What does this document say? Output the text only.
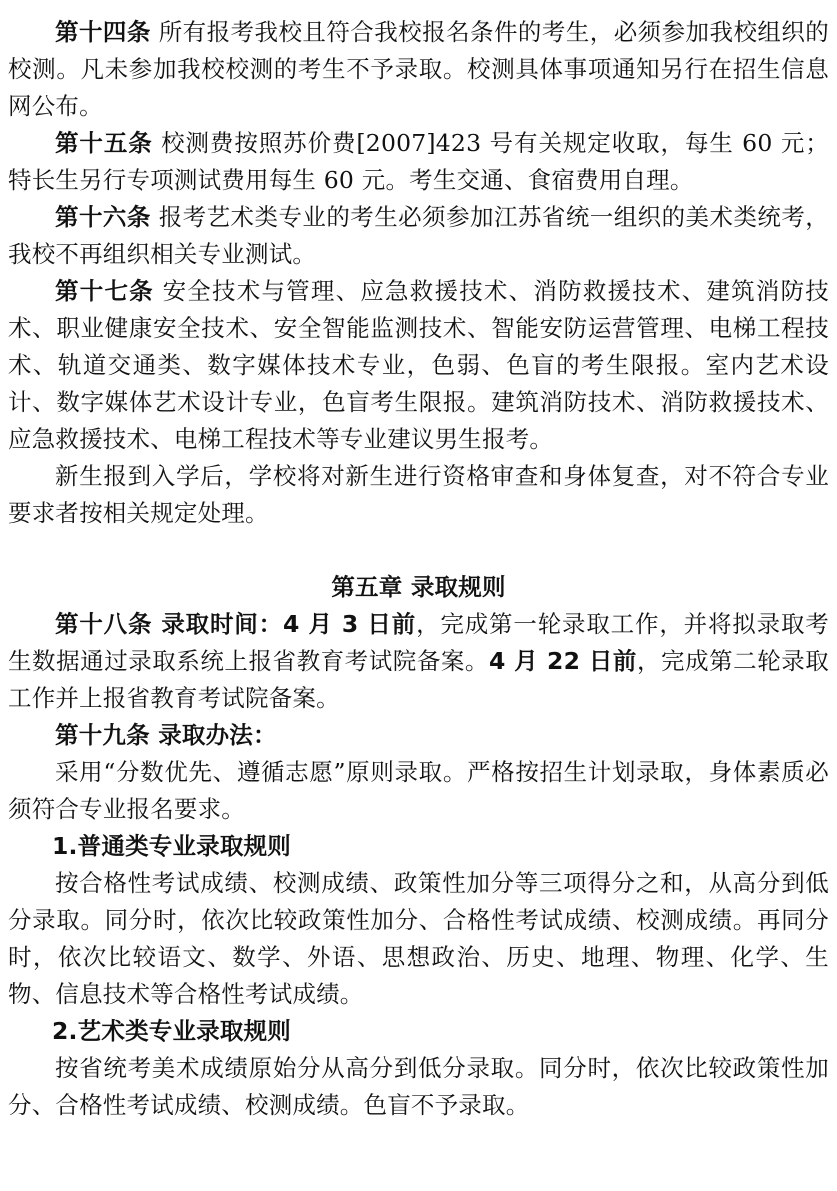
第十四条 所有报考我校且符合我校报名条件的考生，必须参加我校组织的校测。凡未参加我校校测的考生不予录取。校测具体事项通知另行在招生信息网公布。

第十五条 校测费按照苏价费[2007]423 号有关规定收取，每生 60 元；特长生另行专项测试费用每生 60 元。考生交通、食宿费用自理。

第十六条 报考艺术类专业的考生必须参加江苏省统一组织的美术类统考，我校不再组织相关专业测试。

第十七条 安全技术与管理、应急救援技术、消防救援技术、建筑消防技术、职业健康安全技术、安全智能监测技术、智能安防运营管理、电梯工程技术、轨道交通类、数字媒体技术专业，色弱、色盲的考生限报。室内艺术设计、数字媒体艺术设计专业，色盲考生限报。建筑消防技术、消防救援技术、应急救援技术、电梯工程技术等专业建议男生报考。

新生报到入学后，学校将对新生进行资格审查和身体复查，对不符合专业要求者按相关规定处理。

第五章 录取规则

第十八条 录取时间：4 月 3 日前，完成第一轮录取工作，并将拟录取考生数据通过录取系统上报省教育考试院备案。4 月 22 日前，完成第二轮录取工作并上报省教育考试院备案。

第十九条 录取办法：

采用“分数优先、遵循志愿”原则录取。严格按招生计划录取，身体素质必须符合专业报名要求。

1.普通类专业录取规则

按合格性考试成绩、校测成绩、政策性加分等三项得分之和，从高分到低分录取。同分时，依次比较政策性加分、合格性考试成绩、校测成绩。再同分时，依次比较语文、数学、外语、思想政治、历史、地理、物理、化学、生物、信息技术等合格性考试成绩。

2.艺术类专业录取规则

按省统考美术成绩原始分从高分到低分录取。同分时，依次比较政策性加分、合格性考试成绩、校测成绩。色盲不予录取。
